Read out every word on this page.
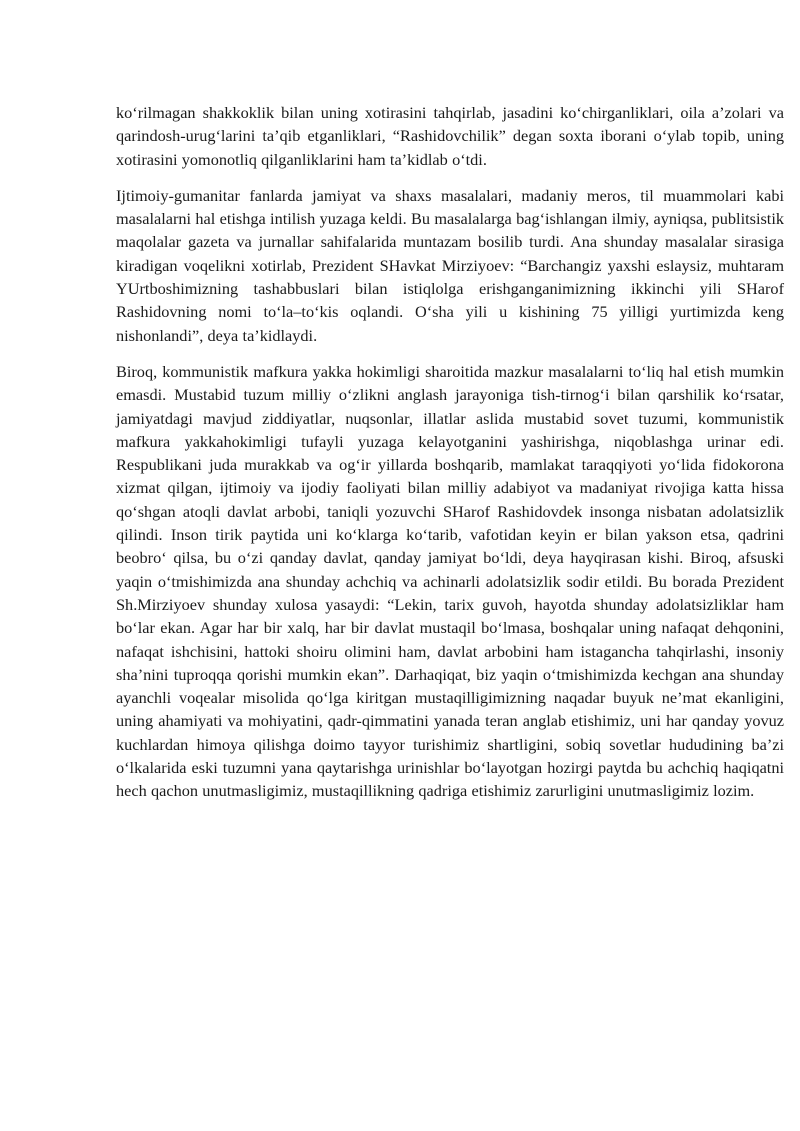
ko‘rilmagan shakkoklik bilan uning xotirasini tahqirlab, jasadini ko‘chirganliklari, oila a’zolari va qarindosh-urug‘larini ta’qib etganliklari, “Rashidovchilik” degan soxta iborani o‘ylab topib, uning xotirasini yomonotliq qilganliklarini ham ta’kidlab o‘tdi.

Ijtimoiy-gumanitar fanlarda jamiyat va shaxs masalalari, madaniy meros, til muammolari kabi masalalarni hal etishga intilish yuzaga keldi. Bu masalalarga bag‘ishlangan ilmiy, ayniqsa, publitsistik maqolalar gazeta va jurnallar sahifalarida muntazam bosilib turdi. Ana shunday masalalar sirasiga kiradigan voqelikni xotirlab, Prezident SHavkat Mirziyoev: “Barchangiz yaxshi eslaysiz, muhtaram YUrtboshimizning tashabbuslari bilan istiqlolga erishganganimizning ikkinchi yili SHarof Rashidovning nomi to‘la–to‘kis oqlandi. O‘sha yili u kishining 75 yilligi yurtimizda keng nishonlandi”, deya ta’kidlaydi.

Biroq, kommunistik mafkura yakka hokimligi sharoitida mazkur masalalarni to‘liq hal etish mumkin emasdi. Mustabid tuzum milliy o‘zlikni anglash jarayoniga tish-tirnog‘i bilan qarshilik ko‘rsatar, jamiyatdagi mavjud ziddiyatlar, nuqsonlar, illatlar aslida mustabid sovet tuzumi, kommunistik mafkura yakkahokimligi tufayli yuzaga kelayotganini yashirishga, niqoblashga urinar edi. Respublikani juda murakkab va og‘ir yillarda boshqarib, mamlakat taraqqiyoti yo‘lida fidokorona xizmat qilgan, ijtimoiy va ijodiy faoliyati bilan milliy adabiyot va madaniyat rivojiga katta hissa qo‘shgan atoqli davlat arbobi, taniqli yozuvchi SHarof Rashidovdek insonga nisbatan adolatsizlik qilindi. Inson tirik paytida uni ko‘klarga ko‘tarib, vafotidan keyin er bilan yakson etsa, qadrini beobro‘ qilsa, bu o‘zi qanday davlat, qanday jamiyat bo‘ldi, deya hayqirasan kishi. Biroq, afsuski yaqin o‘tmishimizda ana shunday achchiq va achinarli adolatsizlik sodir etildi. Bu borada Prezident Sh.Mirziyoev shunday xulosa yasaydi: “Lekin, tarix guvoh, hayotda shunday adolatsizliklar ham bo‘lar ekan. Agar har bir xalq, har bir davlat mustaqil bo‘lmasa, boshqalar uning nafaqat dehqonini, nafaqat ishchisini, hattoki shoiru olimini ham, davlat arbobini ham istagancha tahqirlashi, insoniy sha’nini tuproqqa qorishi mumkin ekan”. Darhaqiqat, biz yaqin o‘tmishimizda kechgan ana shunday ayanchli voqealar misolida qo‘lga kiritgan mustaqilligimizning naqadar buyuk ne’mat ekanligini, uning ahamiyati va mohiyatini, qadr-qimmatini yanada teran anglab etishimiz, uni har qanday yovuz kuchlardan himoya qilishga doimo tayyor turishimiz shartligini, sobiq sovetlar hududining ba’zi o‘lkalarida eski tuzumni yana qaytarishga urinishlar bo‘layotgan hozirgi paytda bu achchiq haqiqatni hech qachon unutmasligimiz, mustaqillikning qadriga etishimiz zarurligini unutmasligimiz lozim.
